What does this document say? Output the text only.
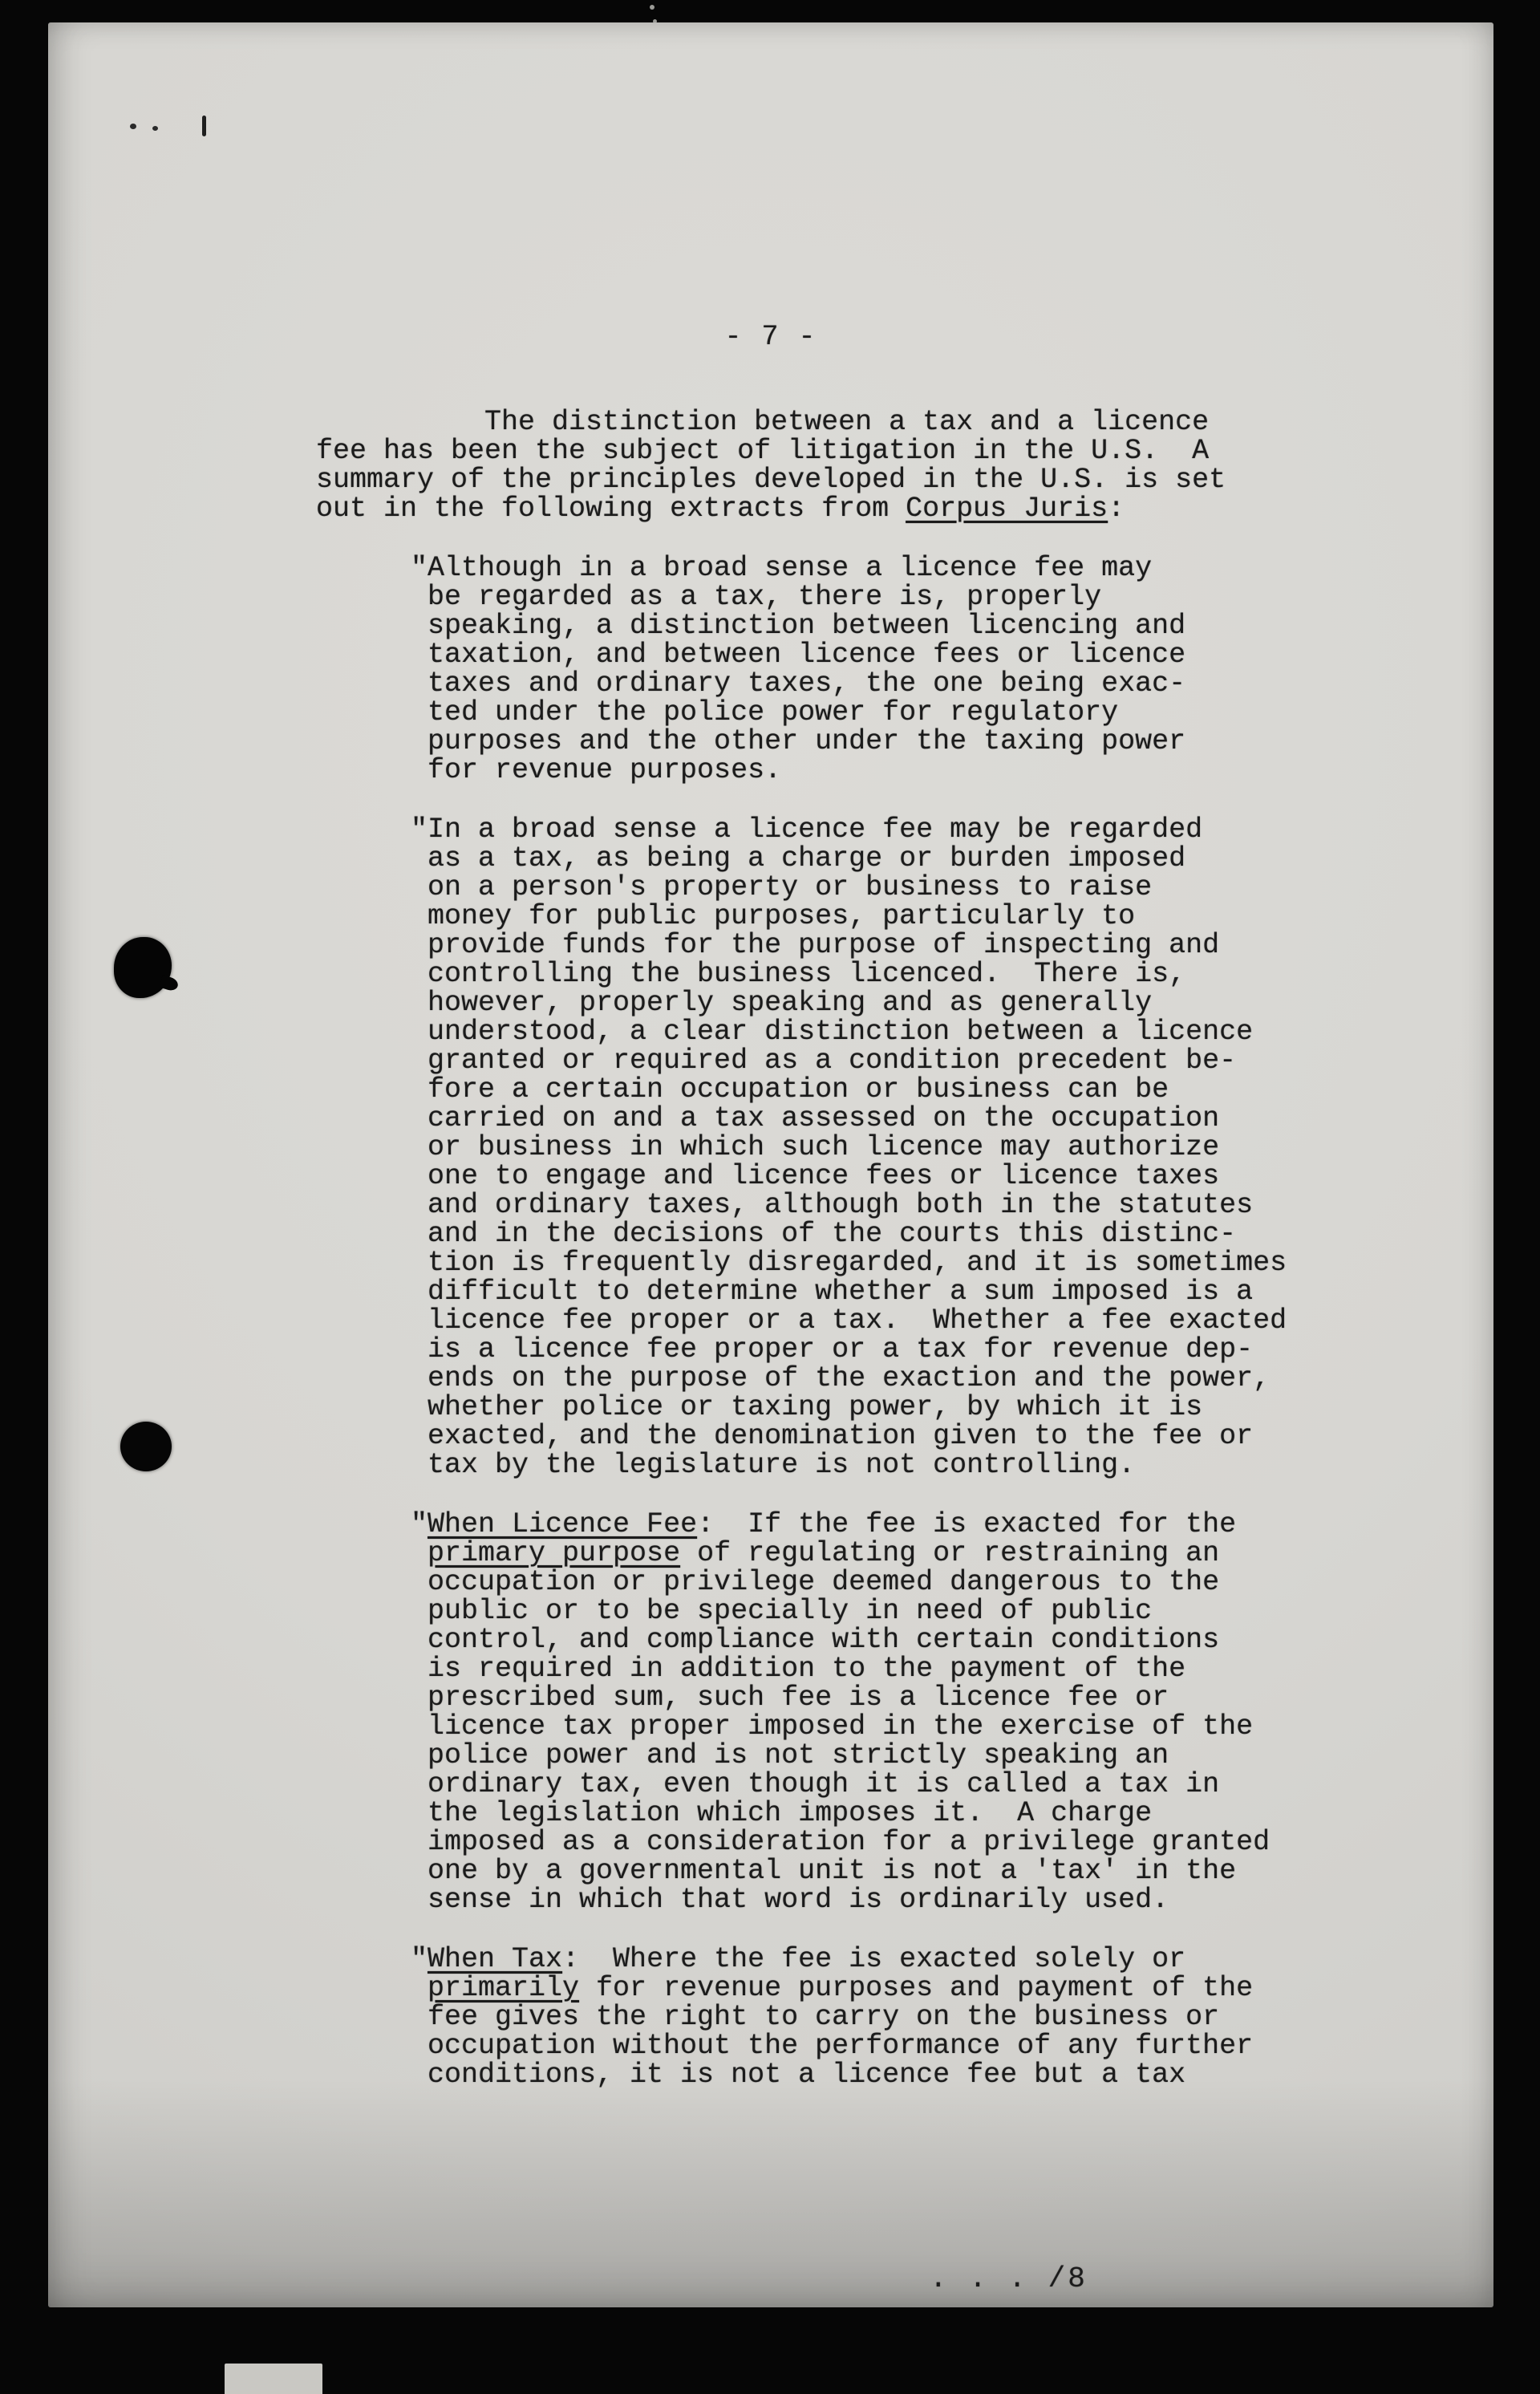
- 7 -
The distinction between a tax and a licence
fee has been the subject of litigation in the U.S.  A
summary of the principles developed in the U.S. is set
out in the following extracts from Corpus Juris:
"Although in a broad sense a licence fee may
be regarded as a tax, there is, properly
speaking, a distinction between licencing and
taxation, and between licence fees or licence
taxes and ordinary taxes, the one being exac-
ted under the police power for regulatory
purposes and the other under the taxing power
for revenue purposes.
"In a broad sense a licence fee may be regarded
as a tax, as being a charge or burden imposed
on a person's property or business to raise
money for public purposes, particularly to
provide funds for the purpose of inspecting and
controlling the business licenced.  There is,
however, properly speaking and as generally
understood, a clear distinction between a licence
granted or required as a condition precedent be-
fore a certain occupation or business can be
carried on and a tax assessed on the occupation
or business in which such licence may authorize
one to engage and licence fees or licence taxes
and ordinary taxes, although both in the statutes
and in the decisions of the courts this distinc-
tion is frequently disregarded, and it is sometimes
difficult to determine whether a sum imposed is a
licence fee proper or a tax.  Whether a fee exacted
is a licence fee proper or a tax for revenue dep-
ends on the purpose of the exaction and the power,
whether police or taxing power, by which it is
exacted, and the denomination given to the fee or
tax by the legislature is not controlling.
"When Licence Fee:  If the fee is exacted for the
primary purpose of regulating or restraining an
occupation or privilege deemed dangerous to the
public or to be specially in need of public
control, and compliance with certain conditions
is required in addition to the payment of the
prescribed sum, such fee is a licence fee or
licence tax proper imposed in the exercise of the
police power and is not strictly speaking an
ordinary tax, even though it is called a tax in
the legislation which imposes it.  A charge
imposed as a consideration for a privilege granted
one by a governmental unit is not a 'tax' in the
sense in which that word is ordinarily used.
"When Tax:  Where the fee is exacted solely or
primarily for revenue purposes and payment of the
fee gives the right to carry on the business or
occupation without the performance of any further
conditions, it is not a licence fee but a tax
. . . /8
